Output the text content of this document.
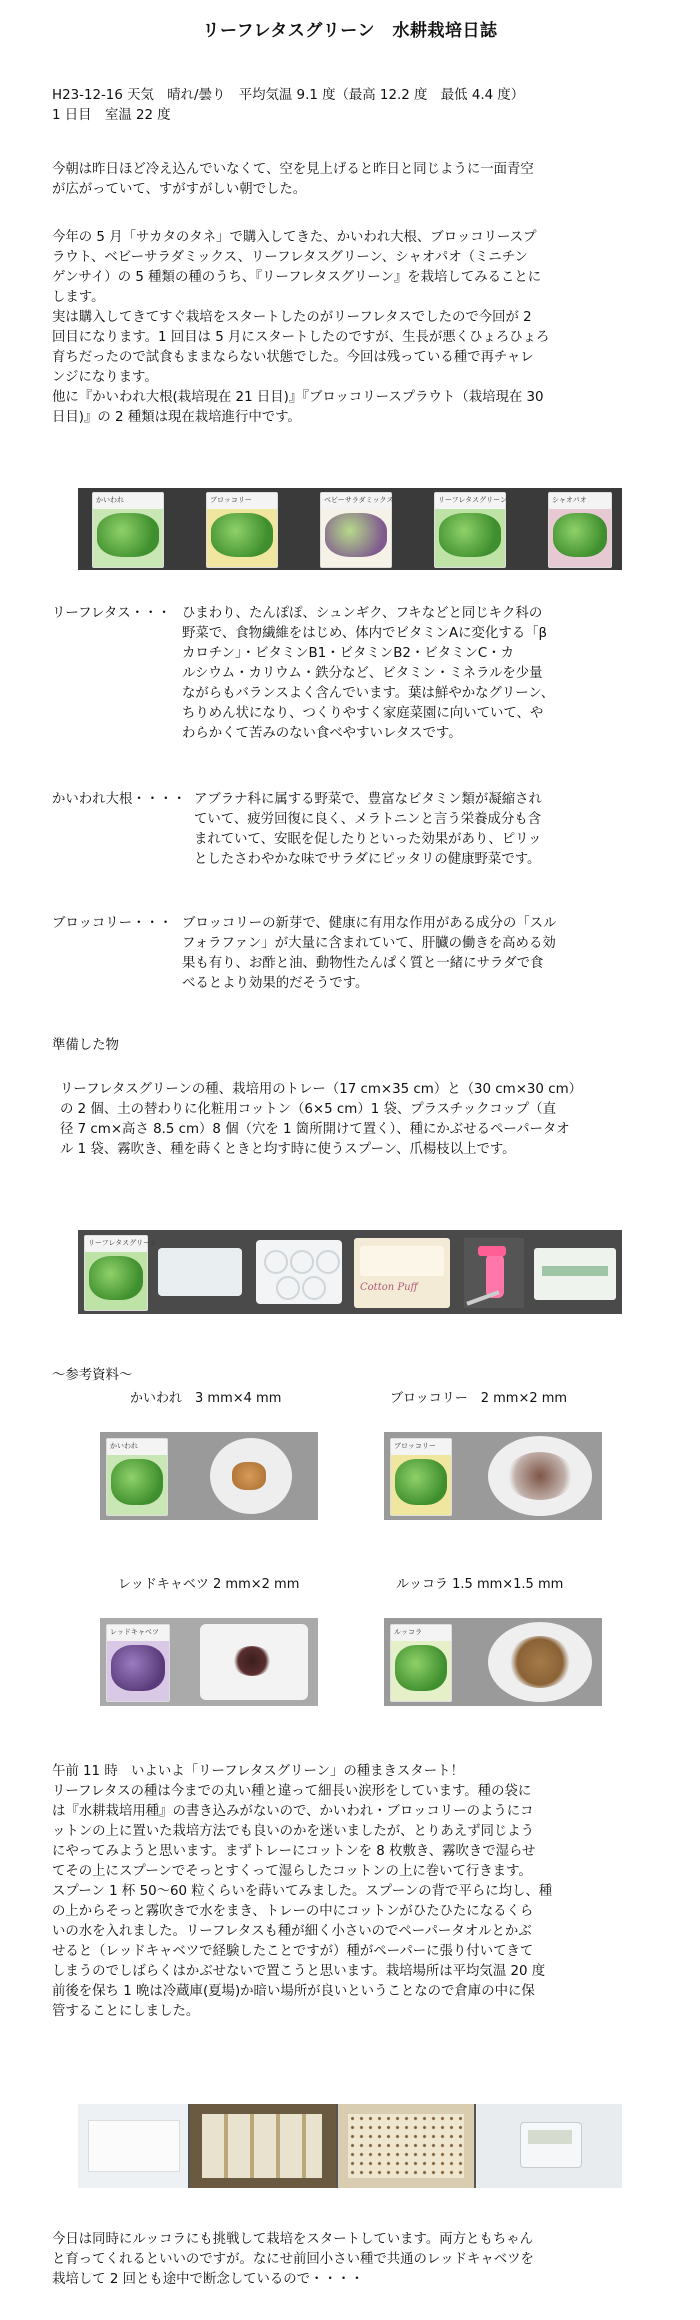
リーフレタスグリーン　水耕栽培日誌
H23-12-16 天気　晴れ/曇り　平均気温 9.1 度（最高 12.2 度　最低 4.4 度）
1 日目　室温 22 度
今朝は昨日ほど冷え込んでいなくて、空を見上げると昨日と同じように一面青空
が広がっていて、すがすがしい朝でした。
今年の 5 月「サカタのタネ」で購入してきた、かいわれ大根、ブロッコリースプ
ラウト、ベビーサラダミックス、リーフレタスグリーン、シャオパオ（ミニチン
ゲンサイ）の 5 種類の種のうち、『リーフレタスグリーン』を栽培してみることに
します。
実は購入してきてすぐ栽培をスタートしたのがリーフレタスでしたので今回が 2
回目になります。1 回目は 5 月にスタートしたのですが、生長が悪くひょろひょろ
育ちだったので試食もままならない状態でした。今回は残っている種で再チャレ
ンジになります。
他に『かいわれ大根(栽培現在 21 日目)』『ブロッコリースプラウト（栽培現在 30
日目)』の 2 種類は現在栽培進行中です。
かいわれ	ブロッコリー	ベビーサラダミックス	リーフレタスグリーン	シャオパオ
リーフレタス・・・ ひまわり、たんぽぽ、シュンギク、フキなどと同じキク科の
野菜で、食物繊維をはじめ、体内でビタミンAに変化する「β
カロチン」・ビタミンB1・ビタミンB2・ビタミンC・カ
ルシウム・カリウム・鉄分など、ビタミン・ミネラルを少量
ながらもバランスよく含んでいます。葉は鮮やかなグリーン、
ちりめん状になり、つくりやすく家庭菜園に向いていて、や
わらかくて苦みのない食べやすいレタスです。
かいわれ大根・・・・ アブラナ科に属する野菜で、豊富なビタミン類が凝縮され
ていて、疲労回復に良く、メラトニンと言う栄養成分も含
まれていて、安眠を促したりといった効果があり、ピリッ
としたさわやかな味でサラダにピッタリの健康野菜です。
ブロッコリー・・・ ブロッコリーの新芽で、健康に有用な作用がある成分の「スル
フォラファン」が大量に含まれていて、肝臓の働きを高める効
果も有り、お酢と油、動物性たんぱく質と一緒にサラダで食
べるとより効果的だそうです。
準備した物
リーフレタスグリーンの種、栽培用のトレー（17 cm×35 cm）と（30 cm×30 cm）
の 2 個、土の替わりに化粧用コットン（6×5 cm）1 袋、プラスチックコップ（直
径 7 cm×高さ 8.5 cm）8 個（穴を 1 箇所開けて置く）、種にかぶせるペーパータオ
ル 1 袋、霧吹き、種を蒔くときと均す時に使うスプーン、爪楊枝以上です。
リーフレタスグリーン
Cotton Puff
～参考資料～
かいわれ　3 mm×4 mm	ブロッコリー　2 mm×2 mm
かいわれ	ブロッコリー
レッドキャベツ 2 mm×2 mm	ルッコラ 1.5 mm×1.5 mm
レッドキャベツ	ルッコラ
午前 11 時　いよいよ「リーフレタスグリーン」の種まきスタート！
リーフレタスの種は今までの丸い種と違って細長い涙形をしています。種の袋に
は『水耕栽培用種』の書き込みがないので、かいわれ・ブロッコリーのようにコ
ットンの上に置いた栽培方法でも良いのかを迷いましたが、とりあえず同じよう
にやってみようと思います。まずトレーにコットンを 8 枚敷き、霧吹きで湿らせ
てその上にスプーンでそっとすくって湿らしたコットンの上に巻いて行きます。
スプーン 1 杯 50～60 粒くらいを蒔いてみました。スプーンの背で平らに均し、種
の上からそっと霧吹きで水をまき、トレーの中にコットンがひたひたになるくら
いの水を入れました。リーフレタスも種が細く小さいのでペーパータオルとかぶ
せると（レッドキャベツで経験したことですが）種がペーパーに張り付いてきて
しまうのでしばらくはかぶせないで置こうと思います。栽培場所は平均気温 20 度
前後を保ち 1 晩は冷蔵庫(夏場)か暗い場所が良いということなので倉庫の中に保
管することにしました。
今日は同時にルッコラにも挑戦して栽培をスタートしています。両方ともちゃん
と育ってくれるといいのですが。なにせ前回小さい種で共通のレッドキャベツを
栽培して 2 回とも途中で断念しているので・・・・
